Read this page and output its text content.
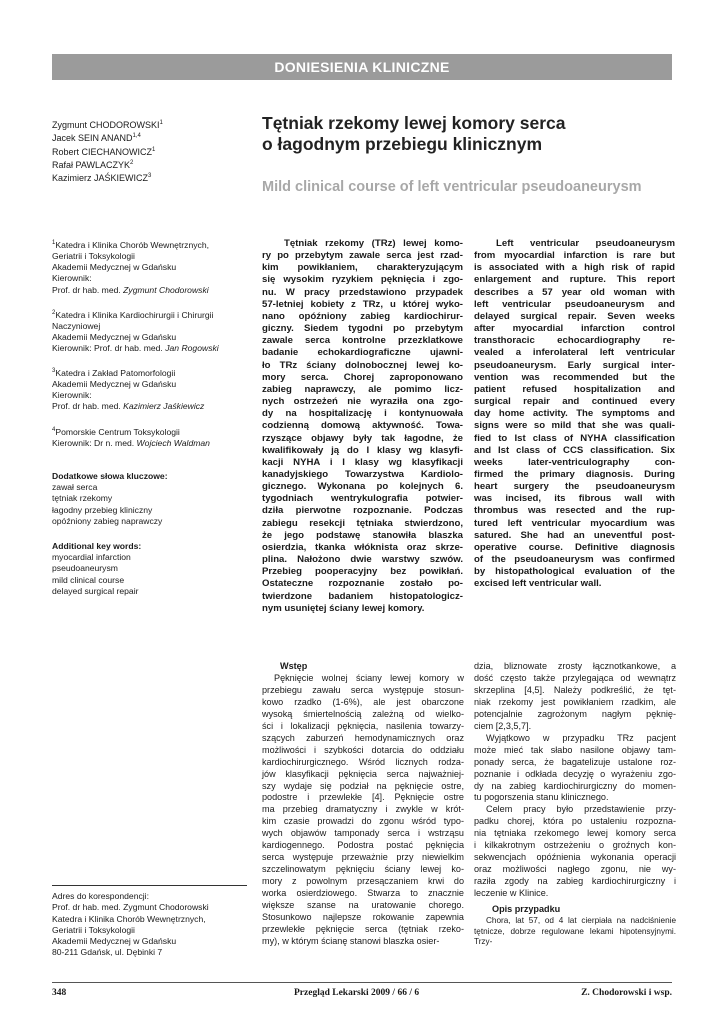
DONIESIENIA KLINICZNE
Zygmunt CHODOROWSKI$^1$
Jacek SEIN ANAND$^{1,4}$
Robert CIECHANOWICZ$^1$
Rafał PAWLACZYK$^2$
Kazimierz JAŚKIEWICZ$^3$
Tętniak rzekomy lewej komory serca
o łagodnym przebiegu klinicznym
Mild clinical course of left ventricular pseudoaneurysm
$^1$Katedra i Klinika Chorób Wewnętrznych,
Geriatrii i Toksykologii
Akademii Medycznej w Gdańsku
Kierownik:
Prof. dr hab. med. Zygmunt Chodorowski
$^2$Katedra i Klinika Kardiochirurgii i Chirurgii
Naczyniowej
Akademii Medycznej w Gdańsku
Kierownik: Prof. dr hab. med. Jan Rogowski
$^3$Katedra i Zakład Patomorfologii
Akademii Medycznej w Gdańsku
Kierownik:
Prof. dr hab. med. Kazimierz Jaśkiewicz
$^4$Pomorskie Centrum Toksykologii
Kierownik: Dr n. med. Wojciech Waldman
Dodatkowe słowa kluczowe:
zawał serca
tętniak rzekomy
łagodny przebieg kliniczny
opóźniony zabieg naprawczy
Additional key words:
myocardial infarction
pseudoaneurysm
mild clinical course
delayed surgical repair
Tętniak rzekomy (TRz) lewej komo-
ry po przebytym zawale serca jest rzad-
kim powikłaniem, charakteryzującym
się wysokim ryzykiem pęknięcia i zgo-
nu. W pracy przedstawiono przypadek
57-letniej kobiety z TRz, u której wyko-
nano opóźniony zabieg kardiochirur-
giczny. Siedem tygodni po przebytym
zawale serca kontrolne przezklatkowe
badanie echokardiograficzne ujawni-
ło TRz ściany dolnobocznej lewej ko-
mory serca. Chorej zaproponowano
zabieg naprawczy, ale pomimo licz-
nych ostrzeżeń nie wyraziła ona zgo-
dy na hospitalizację i kontynuowała
codzienną domową aktywność. Towa-
rzyszące objawy były tak łagodne, że
kwalifikowały ją do I klasy wg klasyfi-
kacji NYHA i I klasy wg klasyfikacji
kanadyjskiego Towarzystwa Kardiolo-
gicznego. Wykonana po kolejnych 6.
tygodniach wentrykulografia potwier-
dziła pierwotne rozpoznanie. Podczas
zabiegu resekcji tętniaka stwierdzono,
że jego podstawę stanowiła blaszka
osierdzia, tkanka włóknista oraz skrze-
plina. Nałożono dwie warstwy szwów.
Przebieg pooperacyjny bez powikłań.
Ostateczne rozpoznanie zostało po-
twierdzone badaniem histopatologicz-
nym usuniętej ściany lewej komory.
Left ventricular pseudoaneurysm
from myocardial infarction is rare but
is associated with a high risk of rapid
enlargement and rupture. This report
describes a 57 year old woman with
left ventricular pseudoaneurysm and
delayed surgical repair. Seven weeks
after myocardial infarction control
transthoracic echocardiography re-
vealed a inferolateral left ventricular
pseudoaneurysm. Early surgical inter-
vention was recommended but the
patient refused hospitalization and
surgical repair and continued every
day home activity. The symptoms and
signs were so mild that she was quali-
fied to Ist class of NYHA classification
and Ist class of CCS classification. Six
weeks later-ventriculography con-
firmed the primary diagnosis. During
heart surgery the pseudoaneurysm
was incised, its fibrous wall with
thrombus was resected and the rup-
tured left ventricular myocardium was
satured. She had an uneventful post-
operative course. Definitive diagnosis
of the pseudoaneurysm was confirmed
by histopathological evaluation of the
excised left ventricular wall.
Wstęp
Pęknięcie wolnej ściany lewej komory w
przebiegu zawału serca występuje stosun-
kowo rzadko (1-6%), ale jest obarczone
wysoką śmiertelnością zależną od wielko-
ści i lokalizacji pęknięcia, nasilenia towarzy-
szących zaburzeń hemodynamicznych oraz
możliwości i szybkości dotarcia do oddziału
kardiochirurgicznego. Wśród licznych rodza-
jów klasyfikacji pęknięcia serca najważniej-
szy wydaje się podział na pęknięcie ostre,
podostre i przewlekłe [4]. Pęknięcie ostre
ma przebieg dramatyczny i zwykle w krót-
kim czasie prowadzi do zgonu wśród typo-
wych objawów tamponady serca i wstrząsu
kardiogennego. Podostra postać pęknięcia
serca występuje przeważnie przy niewielkim
szczelinowatym pęknięciu ściany lewej ko-
mory z powolnym przesączaniem krwi do
worka osierdziowego. Stwarza to znacznie
większe szanse na uratowanie chorego.
Stosunkowo najlepsze rokowanie zapewnia
przewlekłe pęknięcie serca (tętniak rzeko-
my), w którym ścianę stanowi blaszka osier-
dzia, bliznowate zrosty łącznotkankowe, a
dość często także przylegająca od wewnątrz
skrzeplina [4,5]. Należy podkreślić, że tęt-
niak rzekomy jest powikłaniem rzadkim, ale
potencjalnie zagrożonym nagłym pęknię-
ciem [2,3,5,7].
Wyjątkowo w przypadku TRz pacjent
może mieć tak słabo nasilone objawy tam-
ponady serca, że bagatelizuje ustalone roz-
poznanie i odkłada decyzję o wyrażeniu zgo-
dy na zabieg kardiochirurgiczny do momen-
tu pogorszenia stanu klinicznego.
Celem pracy było przedstawienie przy-
padku chorej, która po ustaleniu rozpozna-
nia tętniaka rzekomego lewej komory serca
i kilkakrotnym ostrzeżeniu o groźnych kon-
sekwencjach opóźnienia wykonania operacji
oraz możliwości nagłego zgonu, nie wy-
raziła zgody na zabieg kardiochirurgiczny i
leczenie w Klinice.
Opis przypadku
Chora, lat 57, od 4 lat cierpiała na nadciśnienie
tętnicze, dobrze regulowane lekami hipotensyjnymi. Trzy-
Adres do korespondencji:
Prof. dr hab. med. Zygmunt Chodorowski
Katedra i Klinika Chorób Wewnętrznych,
Geriatrii i Toksykologii
Akademii Medycznej w Gdańsku
80-211 Gdańsk, ul. Dębinki 7
348	Przegląd Lekarski 2009 / 66 / 6	Z. Chodorowski i wsp.
